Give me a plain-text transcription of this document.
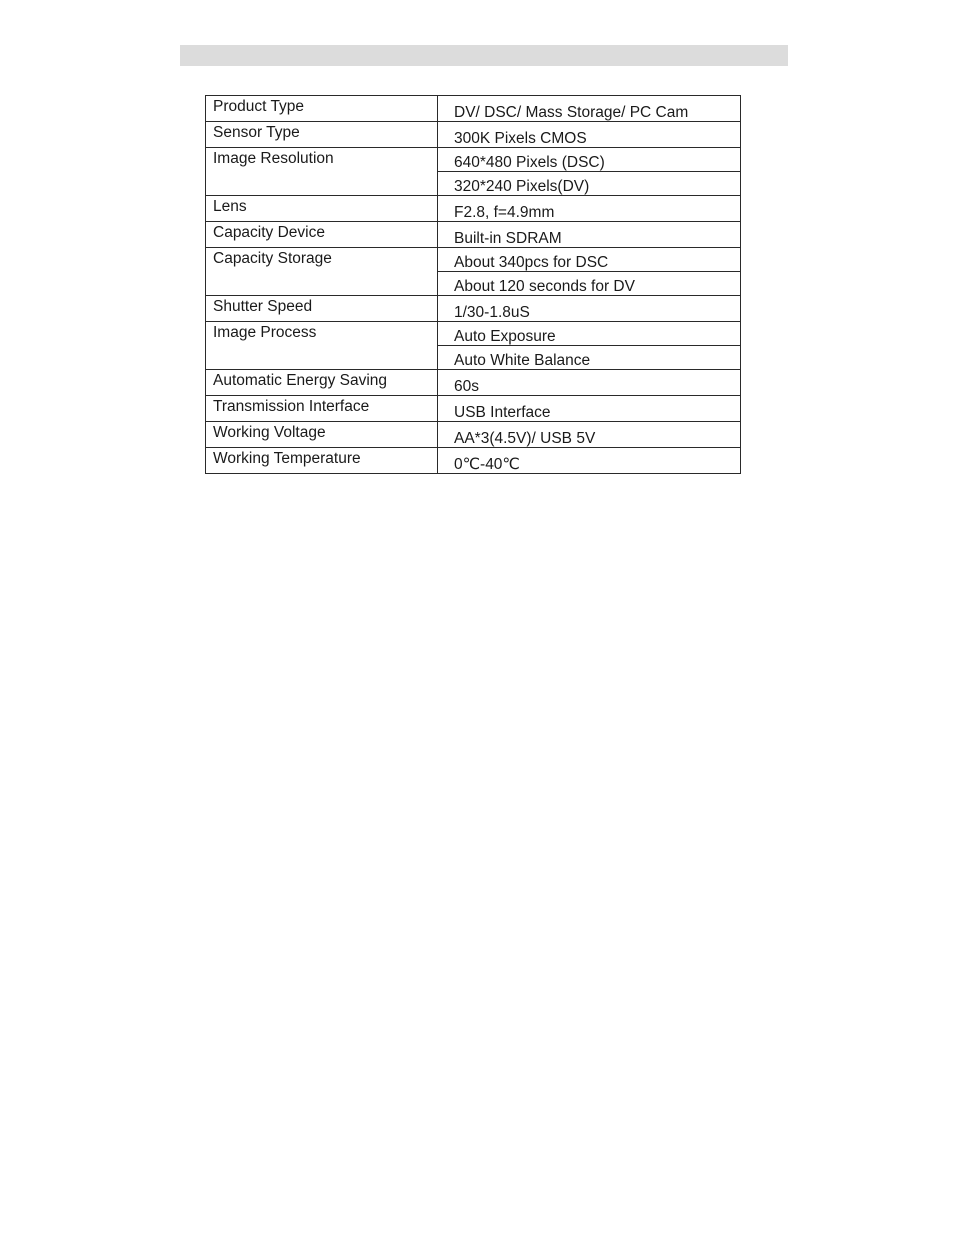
Product Type	DV/ DSC/ Mass Storage/ PC Cam
Sensor Type	300K Pixels CMOS
Image Resolution	640*480 Pixels (DSC)
	320*240 Pixels(DV)
Lens	F2.8, f=4.9mm
Capacity Device	Built-in SDRAM
Capacity Storage	About 340pcs for DSC
	About 120 seconds for DV
Shutter Speed	1/30-1.8uS
Image Process	Auto Exposure
	Auto White Balance
Automatic Energy Saving	60s
Transmission Interface	USB Interface
Working Voltage	AA*3(4.5V)/ USB 5V
Working Temperature	0℃-40℃
